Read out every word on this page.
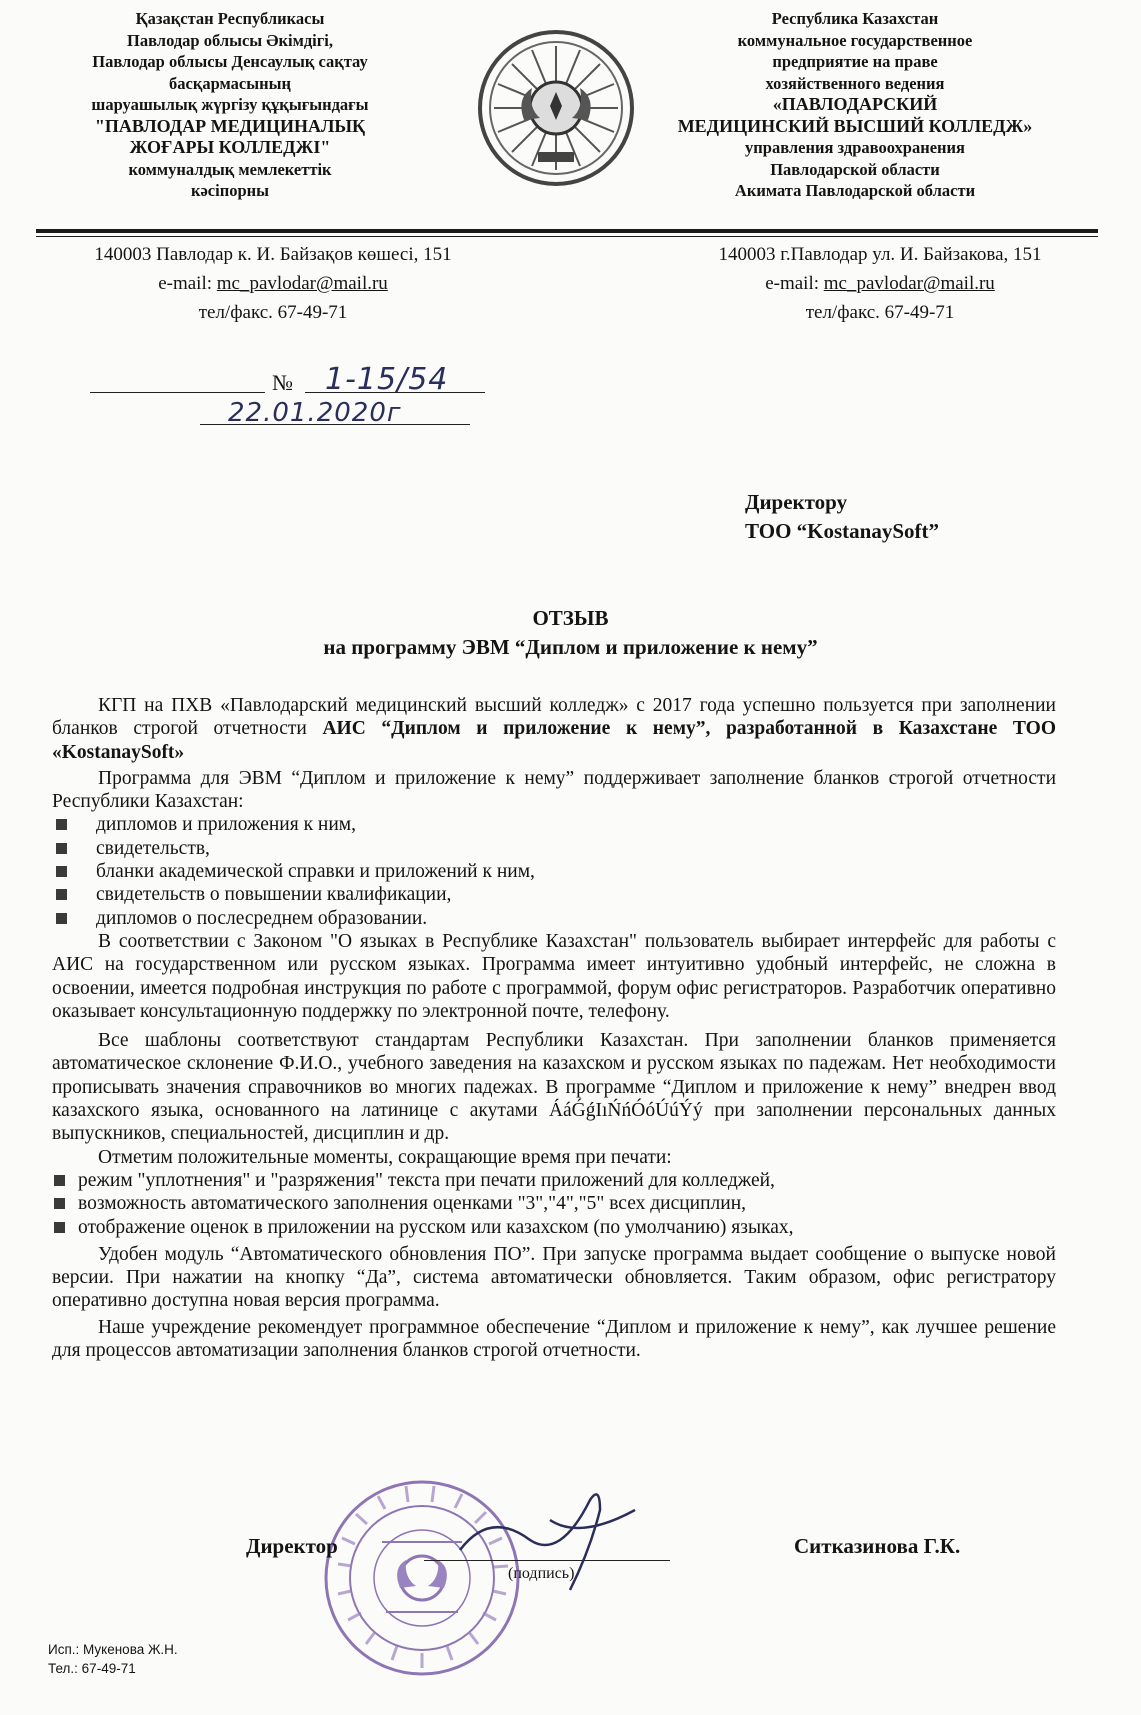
Қазақстан Республикасы
Павлодар облысы Әкімдігі,
Павлодар облысы Денсаулық сақтау
басқармасының
шаруашылық жүргізу құқығындағы
"ПАВЛОДАР МЕДИЦИНАЛЫҚ
ЖОҒАРЫ КОЛЛЕДЖІ"
коммуналдық мемлекеттік
кәсіпорны
Республика Казахстан
коммунальное государственное
предприятие на праве
хозяйственного ведения
«ПАВЛОДАРСКИЙ
МЕДИЦИНСКИЙ ВЫСШИЙ КОЛЛЕДЖ»
управления здравоохранения
Павлодарской области
Акимата Павлодарской области
140003 Павлодар к. И. Байзақов көшесі, 151
e-mail: mc_pavlodar@mail.ru
тел/факс. 67-49-71
140003 г.Павлодар ул. И. Байзакова, 151
e-mail: mc_pavlodar@mail.ru
тел/факс. 67-49-71
№ 1-15/54
22.01.2020г
Директору
ТОО “KostanaySoft”
ОТЗЫВ
на программу ЭВМ “Диплом и приложение к нему”

КГП на ПХВ «Павлодарский медицинский высший колледж» с 2017 года успешно пользуется при заполнении бланков строгой отчетности АИС “Диплом и приложение к нему”, разработанной в Казахстане ТОО «KostanaySoft»

Программа для ЭВМ “Диплом и приложение к нему” поддерживает заполнение бланков строгой отчетности Республики Казахстан:

дипломов и приложения к ним,
свидетельств,
бланки академической справки и приложений к ним,
свидетельств о повышении квалификации,
дипломов о послесреднем образовании.

В соответствии с Законом "О языках в Республике Казахстан" пользователь выбирает интерфейс для работы с АИС на государственном или русском языках. Программа имеет интуитивно удобный интерфейс, не сложна в освоении, имеется подробная инструкция по работе с программой, форум офис регистраторов. Разработчик оперативно оказывает консультационную поддержку по электронной почте, телефону.

Все шаблоны соответствуют стандартам Республики Казахстан. При заполнении бланков применяется автоматическое склонение Ф.И.О., учебного заведения на казахском и русском языках по падежам. Нет необходимости прописывать значения справочников во многих падежах. В программе “Диплом и приложение к нему” внедрен ввод казахского языка, основанного на латинице с акутами ÁáǴǵIıŃńÓóÚúÝý при заполнении персональных данных выпускников, специальностей, дисциплин и др.

Отметим положительные моменты, сокращающие время при печати:

режим "уплотнения" и "разряжения" текста при печати приложений для колледжей,
возможность автоматического заполнения оценками "3","4","5" всех дисциплин,
отображение оценок в приложении на русском или казахском (по умолчанию) языках,

Удобен модуль “Автоматического обновления ПО”. При запуске программа выдает сообщение о выпуске новой версии. При нажатии на кнопку “Да”, система автоматически обновляется. Таким образом, офис регистратору оперативно доступна новая версия программа.

Наше учреждение рекомендует программное обеспечение “Диплом и приложение к нему”, как лучшее решение для процессов автоматизации заполнения бланков строгой отчетности.

Директор
(подпись)
Ситказинова Г.К.
Исп.: Мукенова Ж.Н.
Тел.: 67-49-71
